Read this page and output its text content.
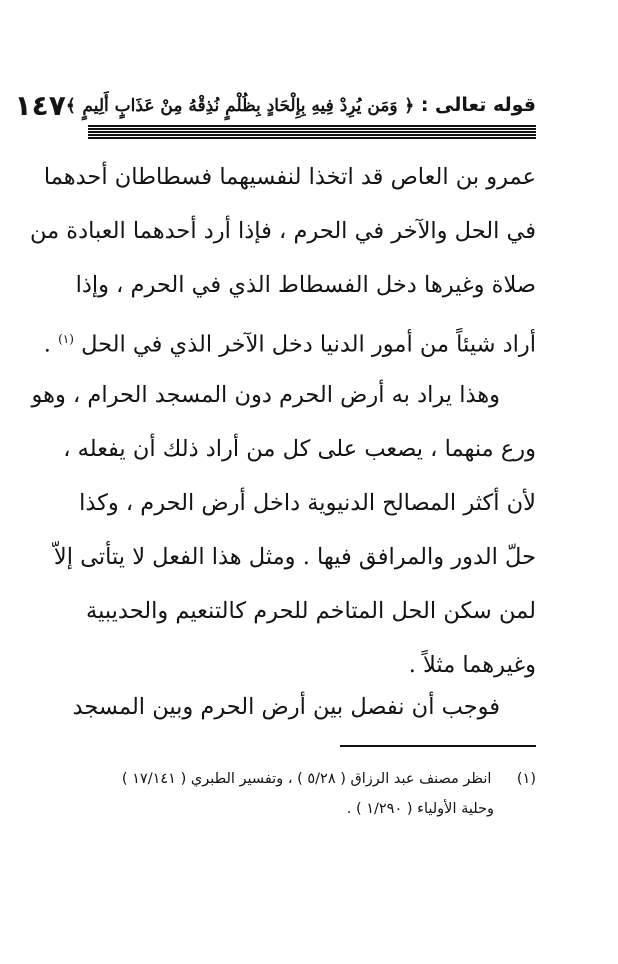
قوله تعالى : ﴿ وَمَن يُرِدْ فِيهِ بِإِلْحَادٍ بِظُلْمٍ نُذِقْهُ مِنْ عَذَابٍ أَلِيمٍ ﴾
١٤٧
عمرو بن العاص قد اتخذا لنفسيهما فسطاطان أحدهما
في الحل والآخر في الحرم ، فإذا أرد أحدهما العبادة من
صلاة وغيرها دخل الفسطاط الذي في الحرم ، وإذا
أراد شيئاً من أمور الدنيا دخل الآخر الذي في الحل $^{(١)}$ .
وهذا يراد به أرض الحرم دون المسجد الحرام ، وهو
ورع منهما ، يصعب على كل من أراد ذلك أن يفعله ،
لأن أكثر المصالح الدنيوية داخل أرض الحرم ، وكذا
حلّ الدور والمرافق فيها . ومثل هذا الفعل لا يتأتى إلاّ
لمن سكن الحل المتاخم للحرم كالتنعيم والحديبية
وغيرهما مثلاً .
فوجب أن نفصل بين أرض الحرم وبين المسجد
(١) انظر مصنف عبد الرزاق ( ٥/٢٨ ) ، وتفسير الطبري ( ١٧/١٤١ )
وحلية الأولياء ( ١/٢٩٠ ) .
